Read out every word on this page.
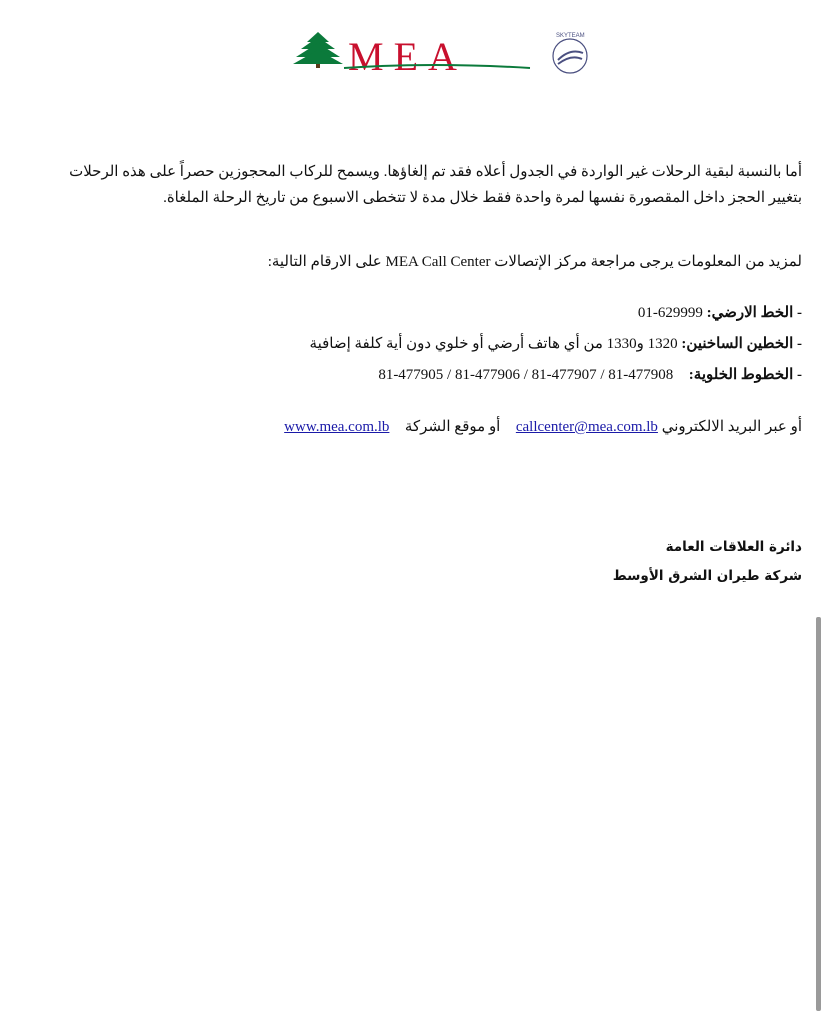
MEA	SKYTEAM
أما بالنسبة لبقية الرحلات غير الواردة في الجدول أعلاه فقد تم إلغاؤها. ويسمح للركاب المحجوزين حصراً على هذه الرحلات
بتغيير الحجز داخل المقصورة نفسها لمرة واحدة فقط خلال مدة لا تتخطى الاسبوع من تاريخ الرحلة الملغاة.
لمزيد من المعلومات يرجى مراجعة مركز الإتصالات MEA Call Center على الارقام التالية:
- الخط الارضي: 01-629999
- الخطين الساخنين: 1320 و1330 من أي هاتف أرضي أو خلوي دون أية كلفة إضافية
- الخطوط الخلوية:  81-477905 / 81-477906 / 81-477907 / 81-477908
أو عبر البريد الالكتروني callcenter@mea.com.lb  أو موقع الشركة  www.mea.com.lb
دائرة العلاقات العامة
شركة طيران الشرق الأوسط
